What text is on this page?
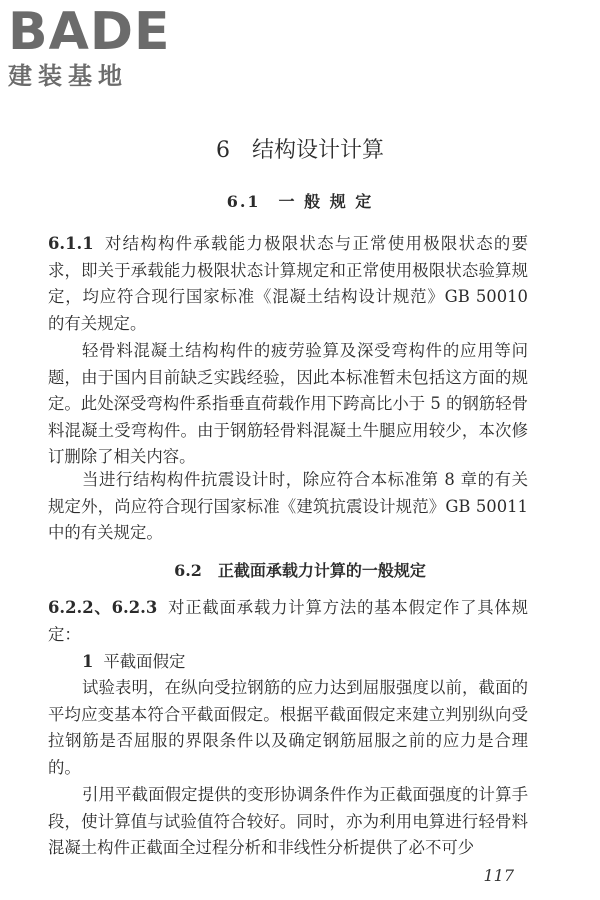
BADE
建装基地
6　结构设计计算
6.1　一 般 规 定

6.1.1 对结构构件承载能力极限状态与正常使用极限状态的要求，即关于承载能力极限状态计算规定和正常使用极限状态验算规定，均应符合现行国家标准《混凝土结构设计规范》GB 50010 的有关规定。

轻骨料混凝土结构构件的疲劳验算及深受弯构件的应用等问题，由于国内目前缺乏实践经验，因此本标准暂未包括这方面的规定。此处深受弯构件系指垂直荷载作用下跨高比小于 5 的钢筋轻骨料混凝土受弯构件。由于钢筋轻骨料混凝土牛腿应用较少，本次修订删除了相关内容。

当进行结构构件抗震设计时，除应符合本标准第 8 章的有关规定外，尚应符合现行国家标准《建筑抗震设计规范》GB 50011 中的有关规定。

6.2　正截面承载力计算的一般规定

6.2.2、6.2.3 对正截面承载力计算方法的基本假定作了具体规定：

1 平截面假定

试验表明，在纵向受拉钢筋的应力达到屈服强度以前，截面的平均应变基本符合平截面假定。根据平截面假定来建立判别纵向受拉钢筋是否屈服的界限条件以及确定钢筋屈服之前的应力是合理的。

引用平截面假定提供的变形协调条件作为正截面强度的计算手段，使计算值与试验值符合较好。同时，亦为利用电算进行轻骨料混凝土构件正截面全过程分析和非线性分析提供了必不可少

117
